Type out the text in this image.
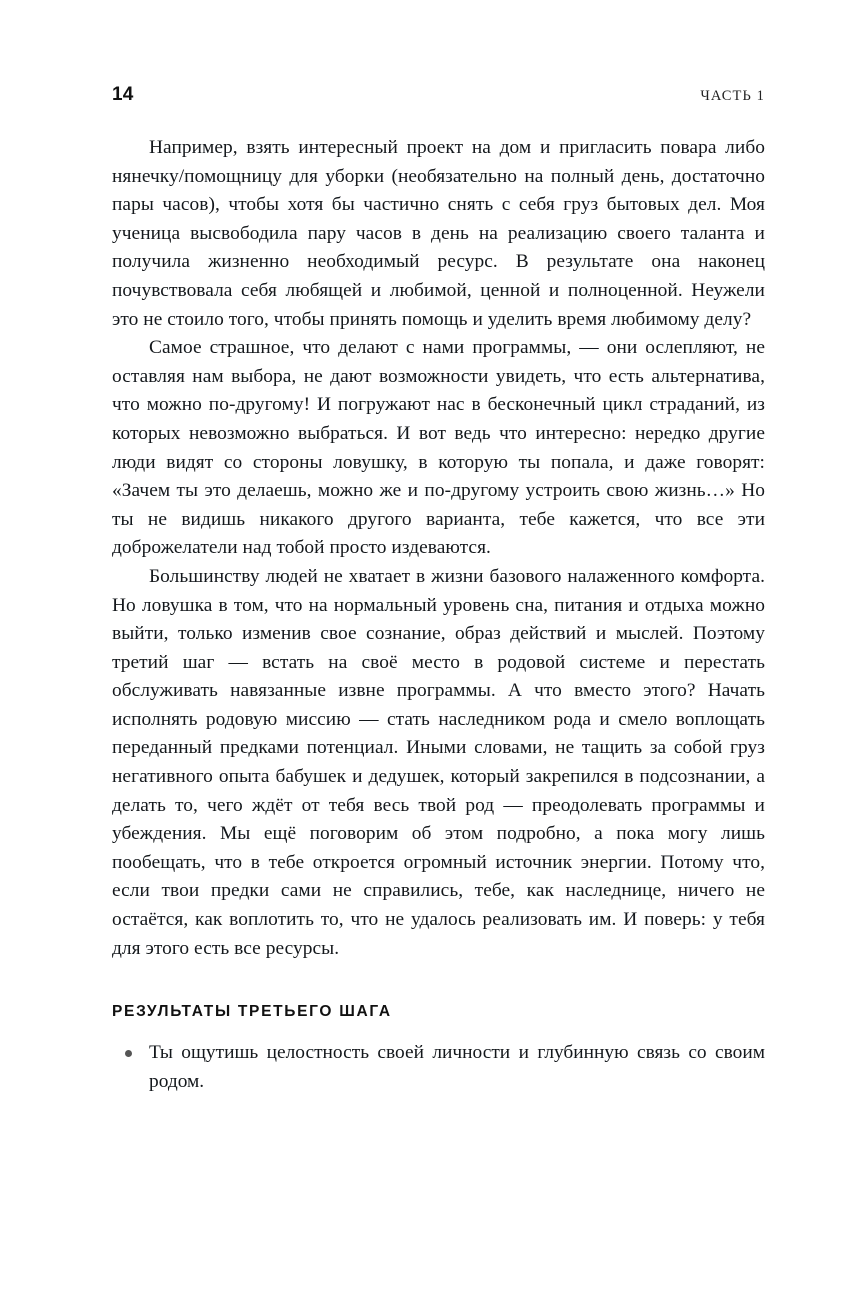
14	ЧАСТЬ 1

Например, взять интересный проект на дом и пригласить повара либо нянечку/помощницу для уборки (необязательно на полный день, достаточно пары часов), чтобы хотя бы частично снять с себя груз бытовых дел. Моя ученица высвободила пару часов в день на реализацию своего таланта и получила жизненно необходимый ресурс. В результате она наконец почувствовала себя любящей и любимой, ценной и полноценной. Неужели это не стоило того, чтобы принять помощь и уделить время любимому делу?

Самое страшное, что делают с нами программы, — они ослепляют, не оставляя нам выбора, не дают возможности увидеть, что есть альтернатива, что можно по-другому! И погружают нас в бесконечный цикл страданий, из которых невозможно выбраться. И вот ведь что интересно: нередко другие люди видят со стороны ловушку, в которую ты попала, и даже говорят: «Зачем ты это делаешь, можно же и по-другому устроить свою жизнь…» Но ты не видишь никакого другого варианта, тебе кажется, что все эти доброжелатели над тобой просто издеваются.

Большинству людей не хватает в жизни базового налаженного комфорта. Но ловушка в том, что на нормальный уровень сна, питания и отдыха можно выйти, только изменив свое сознание, образ действий и мыслей. Поэтому третий шаг — встать на своё место в родовой системе и перестать обслуживать навязанные извне программы. А что вместо этого? Начать исполнять родовую миссию — стать наследником рода и смело воплощать переданный предками потенциал. Иными словами, не тащить за собой груз негативного опыта бабушек и дедушек, который закрепился в подсознании, а делать то, чего ждёт от тебя весь твой род — преодолевать программы и убеждения. Мы ещё поговорим об этом подробно, а пока могу лишь пообещать, что в тебе откроется огромный источник энергии. Потому что, если твои предки сами не справились, тебе, как наследнице, ничего не остаётся, как воплотить то, что не удалось реализовать им. И поверь: у тебя для этого есть все ресурсы.

РЕЗУЛЬТАТЫ ТРЕТЬЕГО ШАГА
Ты ощутишь целостность своей личности и глубинную связь со своим родом.
